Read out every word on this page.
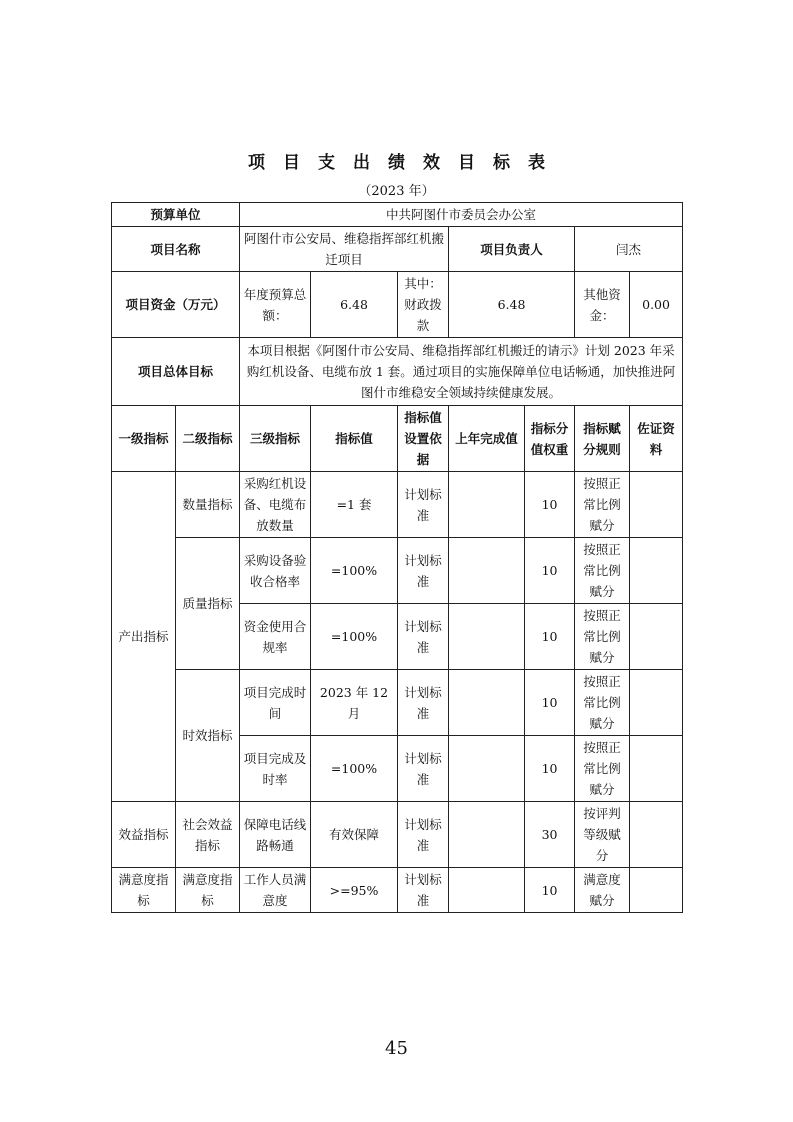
项目支出绩效目标表
（2023 年）
预算单位		中共阿图什市委员会办公室						
项目名称		阿图什市公安局、维稳指挥部红机搬迁项目			项目负责人		闫杰	
项目资金（万元）		年度预算总额：	6.48	其中：财政拨款	6.48		其他资金：	0.00
项目总体目标		本项目根据《阿图什市公安局、维稳指挥部红机搬迁的请示》计划 2023 年采购红机设备、电缆布放 1 套。通过项目的实施保障单位电话畅通，加快推进阿图什市维稳安全领域持续健康发展。						
一级指标	二级指标	三级指标	指标值	指标值设置依据	上年完成值	指标分值权重	指标赋分规则	佐证资料
产出指标	数量指标	采购红机设备、电缆布放数量	=1 套	计划标准		10	按照正常比例赋分	
	质量指标	采购设备验收合格率	=100%	计划标准		10	按照正常比例赋分	
		资金使用合规率	=100%	计划标准		10	按照正常比例赋分	
	时效指标	项目完成时间	2023 年 12 月	计划标准		10	按照正常比例赋分	
		项目完成及时率	=100%	计划标准		10	按照正常比例赋分	
效益指标	社会效益指标	保障电话线路畅通	有效保障	计划标准		30	按评判等级赋分	
满意度指标	满意度指标	工作人员满意度	>=95%	计划标准		10	满意度赋分	
45
